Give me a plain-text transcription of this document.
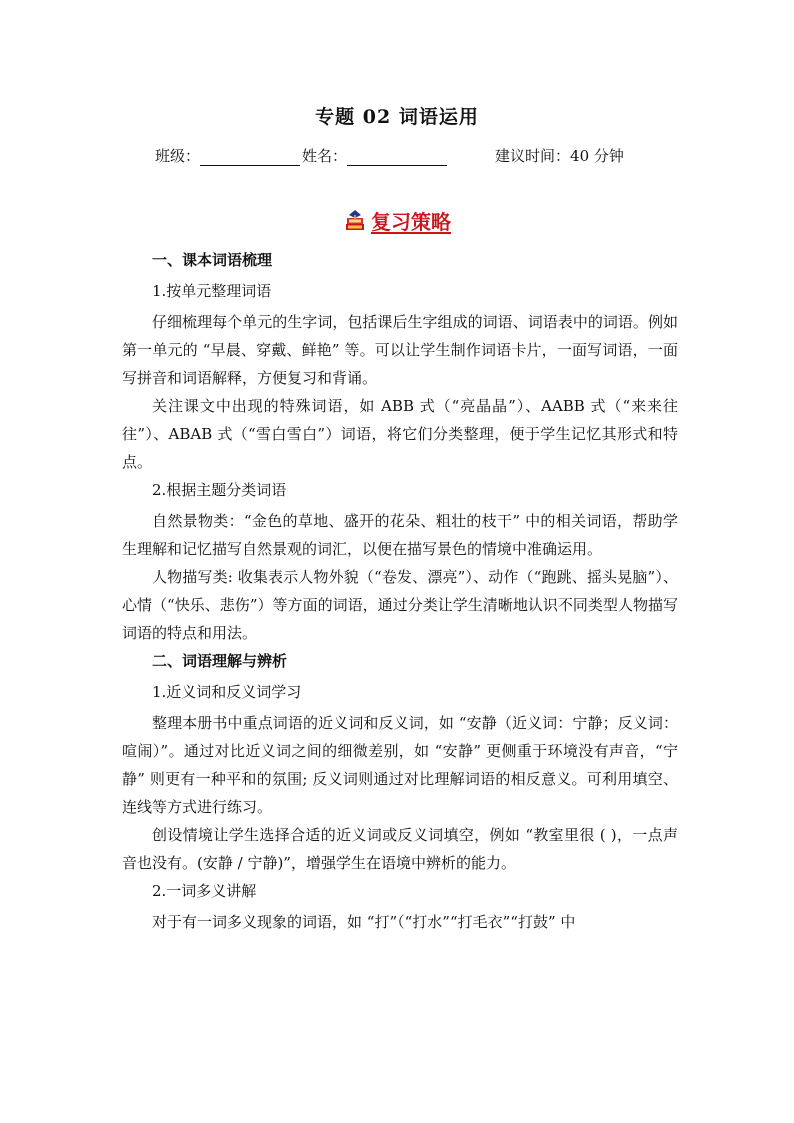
专题 02 词语运用
班级：	姓名：	建议时间：40 分钟
复习策略

一、课本词语梳理

1.按单元整理词语

仔细梳理每个单元的生字词，包括课后生字组成的词语、词语表中的词语。例如第一单元的 “早晨、穿戴、鲜艳” 等。可以让学生制作词语卡片，一面写词语，一面写拼音和词语解释，方便复习和背诵。

关注课文中出现的特殊词语，如 ABB 式（“亮晶晶”）、AABB 式（“来来往往”）、ABAB 式（“雪白雪白”）词语，将它们分类整理，便于学生记忆其形式和特点。

2.根据主题分类词语

自然景物类：“金色的草地、盛开的花朵、粗壮的枝干” 中的相关词语，帮助学生理解和记忆描写自然景观的词汇，以便在描写景色的情境中准确运用。

人物描写类: 收集表示人物外貌（“卷发、漂亮”）、动作（“跑跳、摇头晃脑”）、心情（“快乐、悲伤”）等方面的词语，通过分类让学生清晰地认识不同类型人物描写词语的特点和用法。

二、词语理解与辨析

1.近义词和反义词学习

整理本册书中重点词语的近义词和反义词，如 “安静（近义词：宁静；反义词：喧闹）”。通过对比近义词之间的细微差别，如 “安静” 更侧重于环境没有声音，“宁静” 则更有一种平和的氛围; 反义词则通过对比理解词语的相反意义。可利用填空、连线等方式进行练习。

创设情境让学生选择合适的近义词或反义词填空，例如 “教室里很 ( )，一点声音也没有。(安静 / 宁静)”，增强学生在语境中辨析的能力。

2.一词多义讲解

对于有一词多义现象的词语，如 “打”（“打水”“打毛衣”“打鼓” 中
